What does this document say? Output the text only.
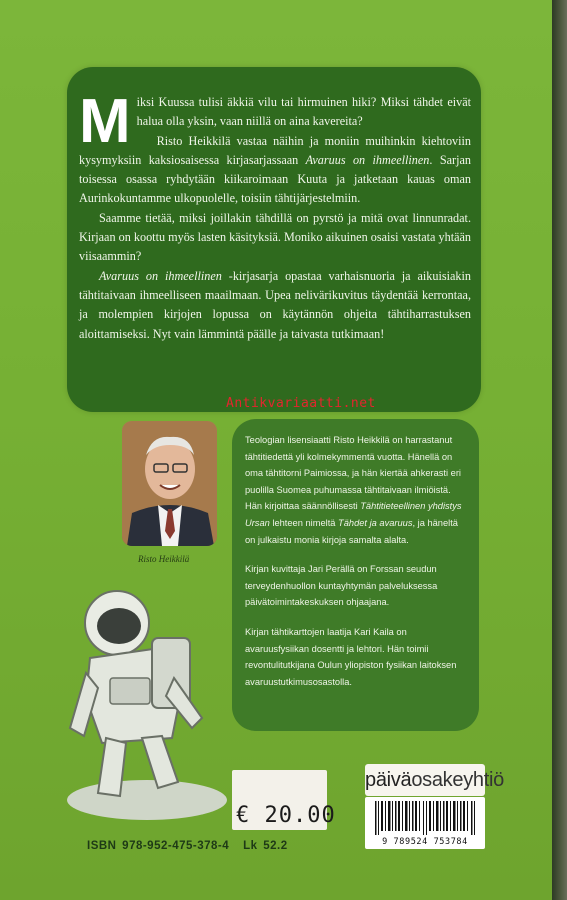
Miksi Kuussa tulisi äkkiä vilu tai hirmuinen hiki? Miksi tähdet eivät halua olla yksin, vaan niillä on aina kavereita?

Risto Heikkilä vastaa näihin ja moniin muihinkin kiehtoviin kysymyksiin kaksiosaisessa kirjasarjassaan Avaruus on ihmeellinen. Sarjan toisessa osassa ryhdytään kiikaroimaan Kuuta ja jatketaan kauas oman Aurinkokuntamme ulkopuolelle, toisiin tähtijärjestelmiin.

Saamme tietää, miksi joillakin tähdillä on pyrstö ja mitä ovat linnunradat. Kirjaan on koottu myös lasten käsityksiä. Moniko aikuinen osaisi vastata yhtään viisaammin?

Avaruus on ihmeellinen -kirjasarja opastaa varhaisnuoria ja aikuisiakin tähtitaivaan ihmeelliseen maailmaan. Upea nelivärikuvitus täydentää kerrontaa, ja molempien kirjojen lopussa on käytännön ohjeita tähtiharrastuksen aloittamiseksi. Nyt vain lämmintä päälle ja taivasta tutkimaan!

Antikvariaatti.net
Risto Heikkilä

Teologian lisensiaatti Risto Heikkilä on harrastanut tähtitiedettä yli kolmekymmentä vuotta. Hänellä on oma tähtitorni Paimiossa, ja hän kiertää ahkerasti eri puolilla Suomea puhumassa tähtitaivaan ilmiöistä. Hän kirjoittaa säännöllisesti Tähtitieteellinen yhdistys Ursan lehteen nimeltä Tähdet ja avaruus, ja häneltä on julkaistu monia kirjoja samalta alalta.

Kirjan kuvittaja Jari Perällä on Forssan seudun terveydenhuollon kuntayhtymän palveluksessa päivätoimintakeskuksen ohjaajana.

Kirjan tähtikarttojen laatija Kari Kaila on avaruusfysiikan dosentti ja lehtori. Hän toimii revontulitutkijana Oulun yliopiston fysiikan laitoksen avaruustutkimusosastolla.

€ 20.00
ISBN 978-952-475-378-4 Lk 52.2
päiväosakeyhtiö
9 789524 753784
